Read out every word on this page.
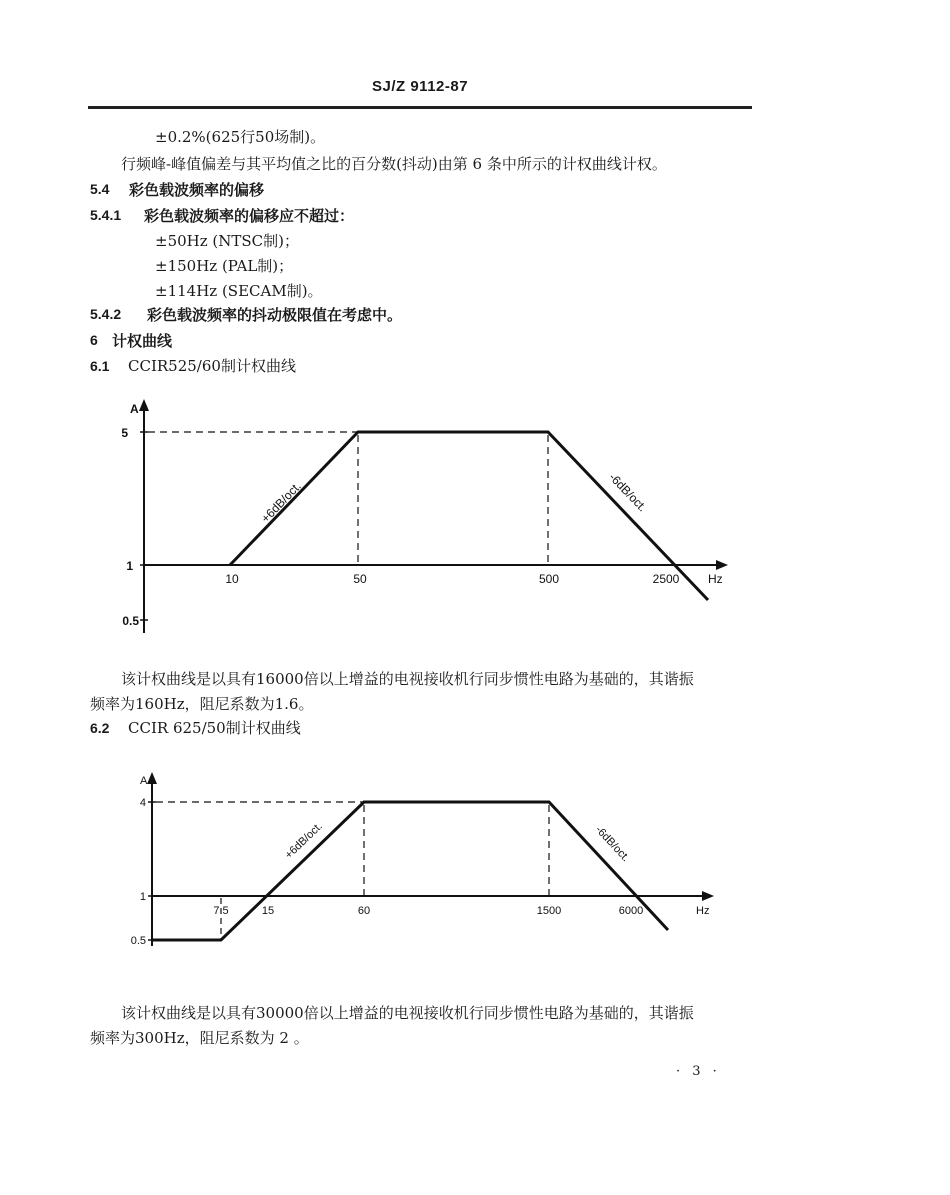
SJ/Z 9112-87
±0.2%(625行50场制)。
行频峰-峰值偏差与其平均值之比的百分数(抖动)由第 6 条中所示的计权曲线计权。
5.4 彩色载波频率的偏移
5.4.1 彩色载波频率的偏移应不超过：
±50Hz (NTSC制)；
±150Hz (PAL制)；
±114Hz (SECAM制)。
5.4.2 彩色载波频率的抖动极限值在考虑中。
6 计权曲线
6.1 CCIR525/60制计权曲线
A
5
1
0.5
10	50	500	2500 Hz
+6dB/oct.	-6dB/oct.
该计权曲线是以具有16000倍以上增益的电视接收机行同步惯性电路为基础的，其谐振
频率为160Hz，阻尼系数为1.6。
6.2 CCIR 625/50制计权曲线
A
4
1
0.5
7.5	15	60	1500	6000	Hz
+6dB/oct.	-6dB/oct.
该计权曲线是以具有30000倍以上增益的电视接收机行同步惯性电路为基础的，其谐振
频率为300Hz，阻尼系数为 2 。
· 3 ·
